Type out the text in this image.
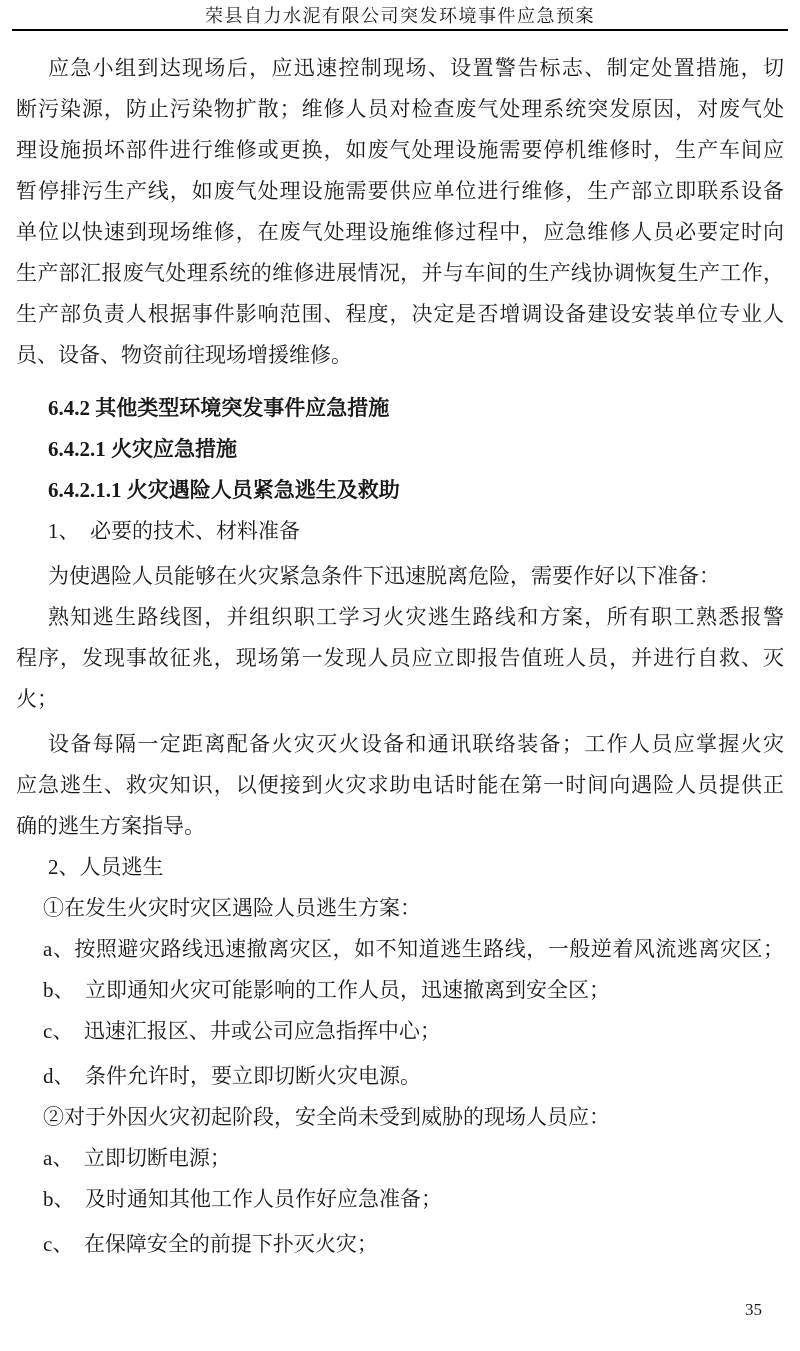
荣县自力水泥有限公司突发环境事件应急预案
应急小组到达现场后，应迅速控制现场、设置警告标志、制定处置措施，切
断污染源，防止污染物扩散；维修人员对检查废气处理系统突发原因，对废气处
理设施损坏部件进行维修或更换，如废气处理设施需要停机维修时，生产车间应
暂停排污生产线，如废气处理设施需要供应单位进行维修，生产部立即联系设备
单位以快速到现场维修，在废气处理设施维修过程中，应急维修人员必要定时向
生产部汇报废气处理系统的维修进展情况，并与车间的生产线协调恢复生产工作，
生产部负责人根据事件影响范围、程度，决定是否增调设备建设安装单位专业人
员、设备、物资前往现场增援维修。
6.4.2 其他类型环境突发事件应急措施
6.4.2.1 火灾应急措施
6.4.2.1.1 火灾遇险人员紧急逃生及救助
1、　必要的技术、材料准备
为使遇险人员能够在火灾紧急条件下迅速脱离危险，需要作好以下准备：
熟知逃生路线图，并组织职工学习火灾逃生路线和方案，所有职工熟悉报警
程序，发现事故征兆，现场第一发现人员应立即报告值班人员，并进行自救、灭
火；
设备每隔一定距离配备火灾灭火设备和通讯联络装备；工作人员应掌握火灾
应急逃生、救灾知识，以便接到火灾求助电话时能在第一时间向遇险人员提供正
确的逃生方案指导。
2、人员逃生
①在发生火灾时灾区遇险人员逃生方案：
a、按照避灾路线迅速撤离灾区，如不知道逃生路线，一般逆着风流逃离灾区；
b、　立即通知火灾可能影响的工作人员，迅速撤离到安全区；
c、　迅速汇报区、井或公司应急指挥中心；
d、　条件允许时，要立即切断火灾电源。
②对于外因火灾初起阶段，安全尚未受到威胁的现场人员应：
a、　立即切断电源；
b、　及时通知其他工作人员作好应急准备；
c、　在保障安全的前提下扑灭火灾；
35
